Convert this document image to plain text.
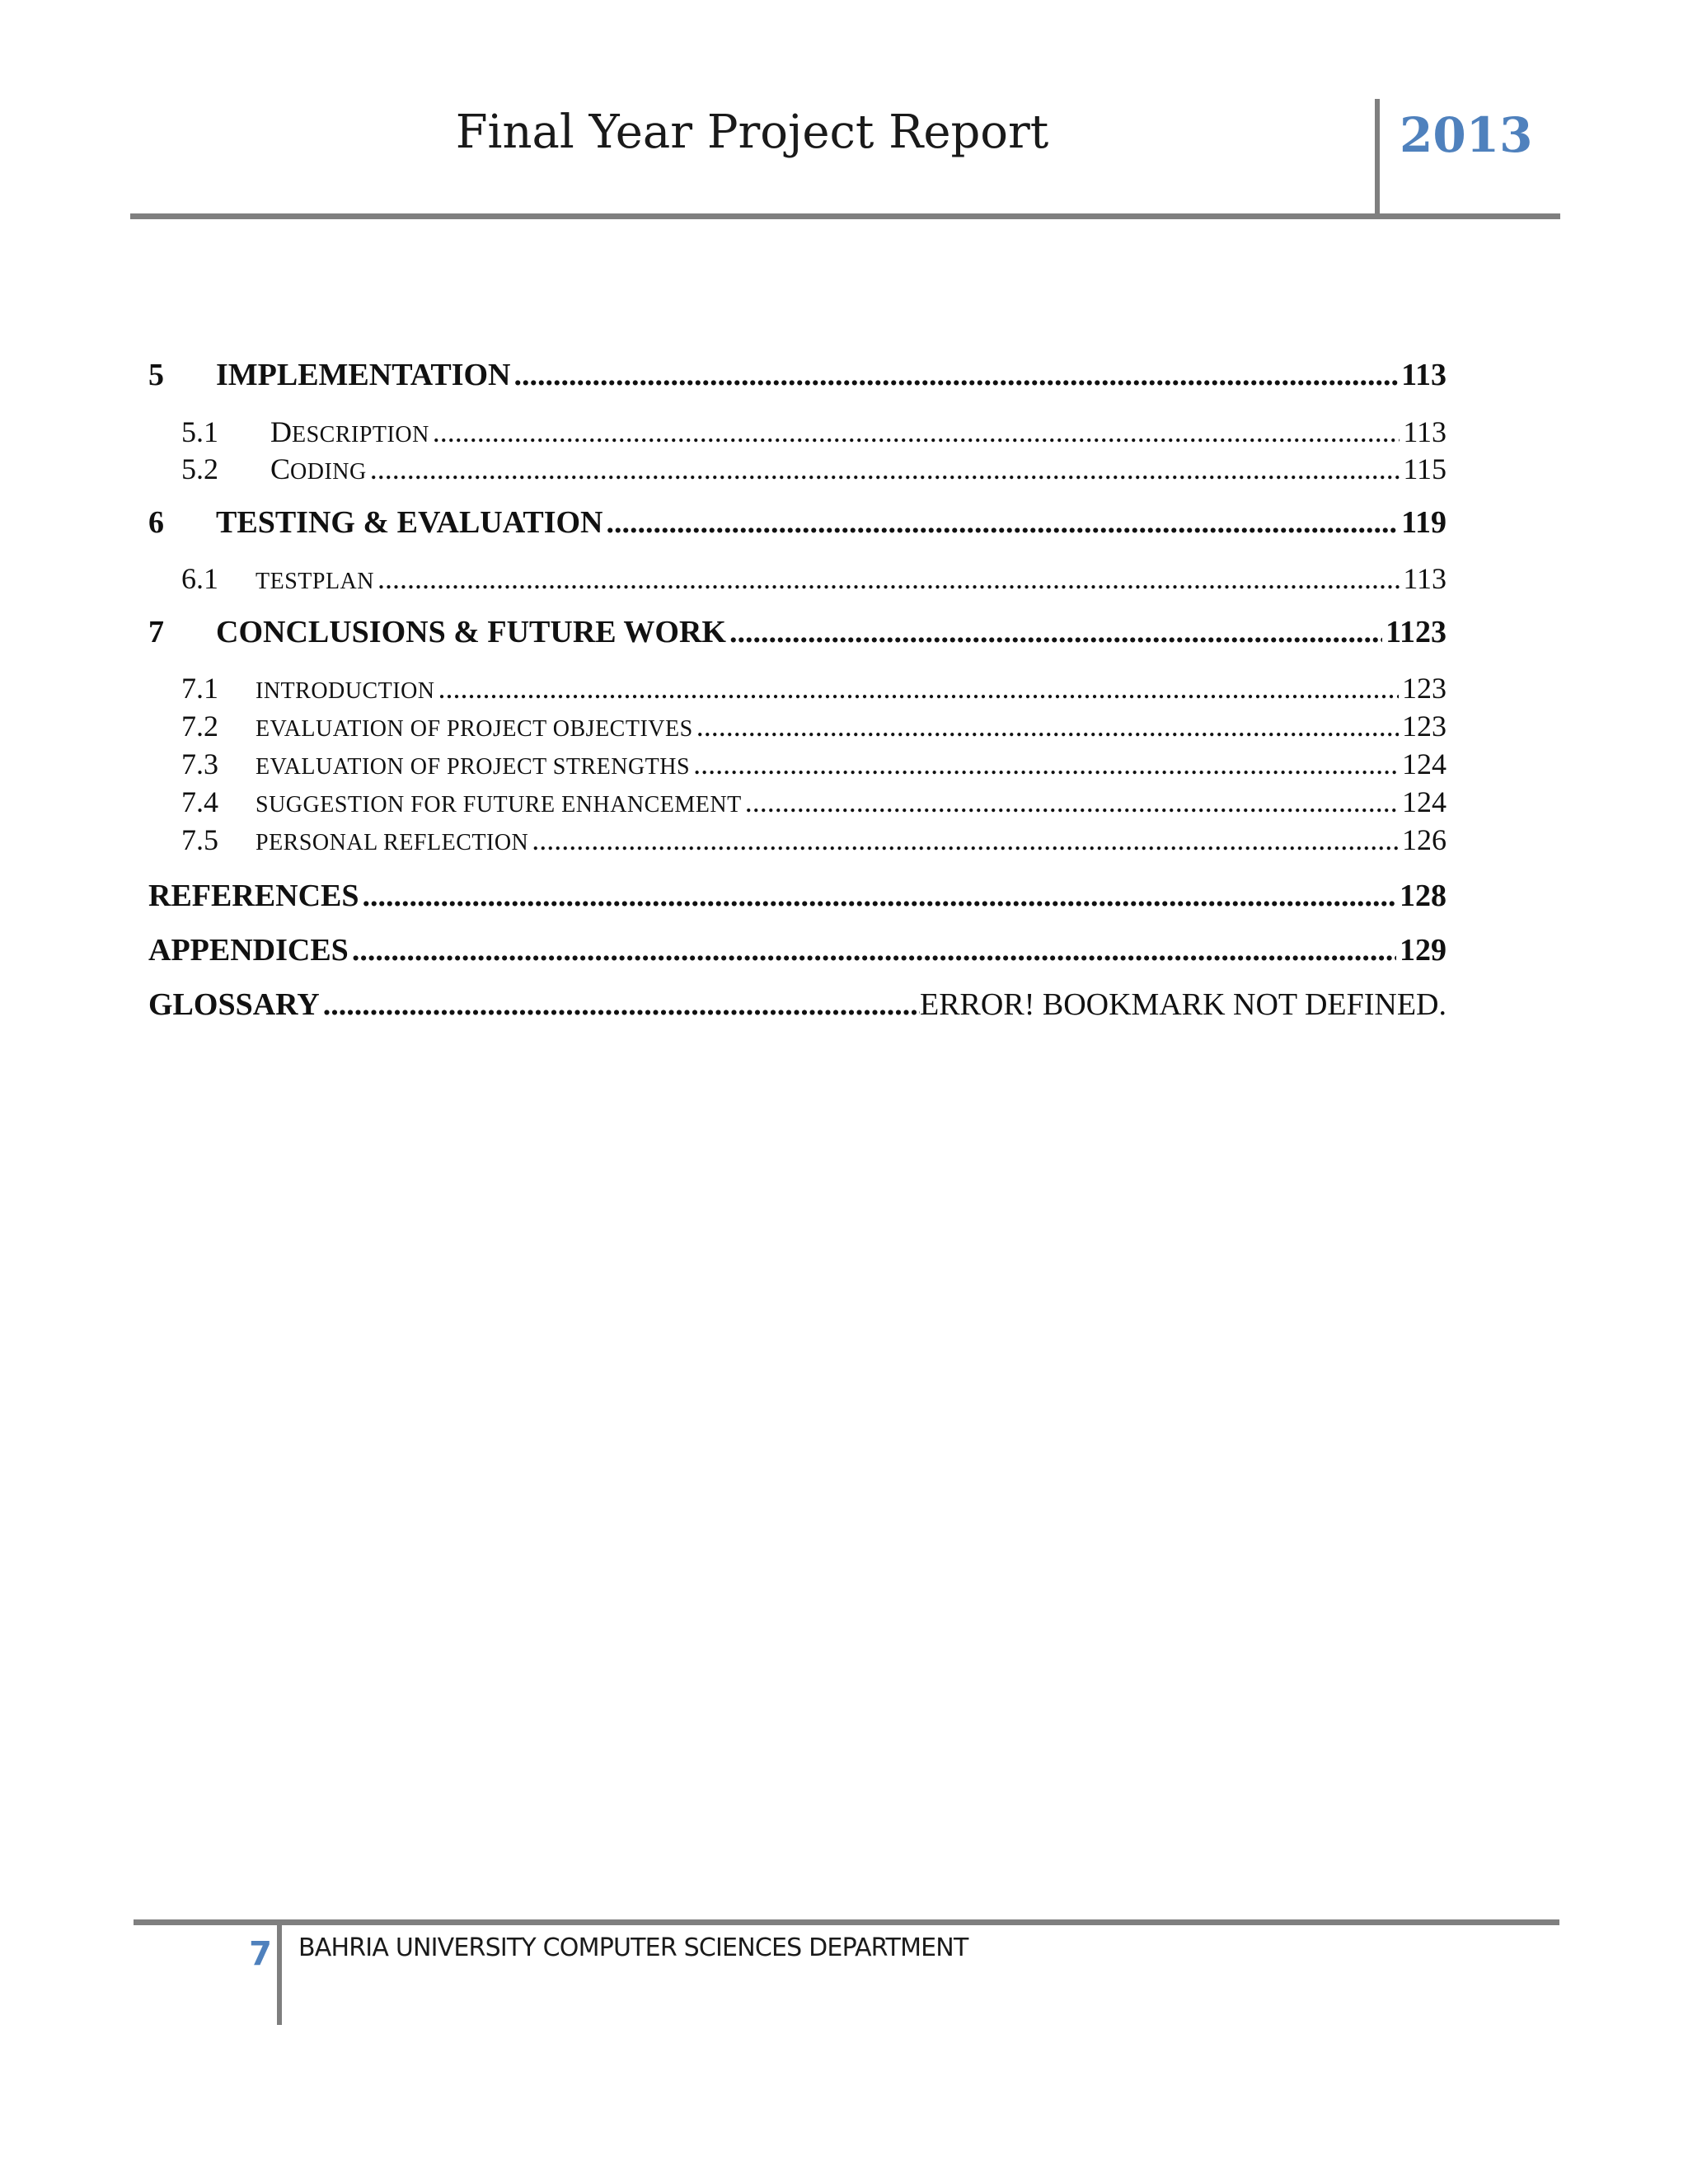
Final Year Project Report	2013
5	IMPLEMENTATION .....	113
5.1	DESCRIPTION .....	113
5.2	CODING .....	115
6	TESTING & EVALUATION .....	119
6.1	TESTPLAN .....	113
7	CONCLUSIONS & FUTURE WORK .....	1123
7.1	INTRODUCTION .....	123
7.2	EVALUATION OF PROJECT OBJECTIVES .....	123
7.3	EVALUATION OF PROJECT STRENGTHS .....	124
7.4	SUGGESTION FOR FUTURE ENHANCEMENT .....	124
7.5	PERSONAL REFLECTION .....	126
REFERENCES .....	128
APPENDICES .....	129
GLOSSARY .....	ERROR! BOOKMARK NOT DEFINED.
7 BAHRIA UNIVERSITY COMPUTER SCIENCES DEPARTMENT
